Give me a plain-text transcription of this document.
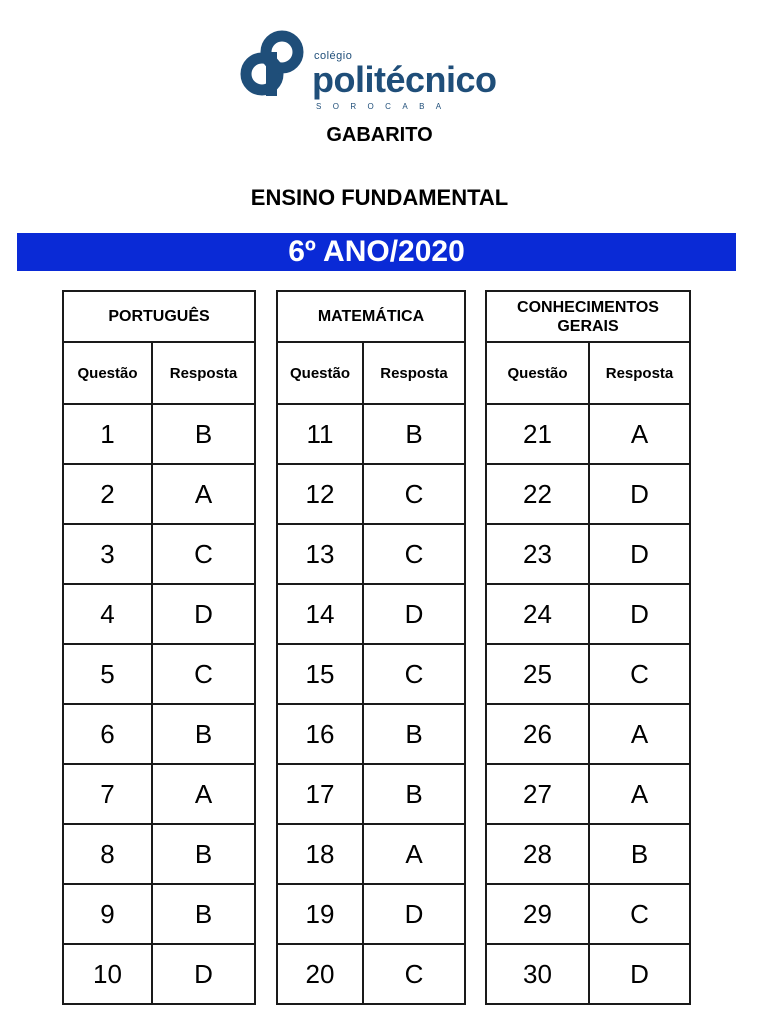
colégio
politécnico
SOROCABA
GABARITO
ENSINO FUNDAMENTAL
6º ANO/2020
PORTUGUÊS	
Questão	Resposta
1	B
2	A
3	C
4	D
5	C
6	B
7	A
8	B
9	B
10	D
MATEMÁTICA	
Questão	Resposta
11	B
12	C
13	C
14	D
15	C
16	B
17	B
18	A
19	D
20	C
CONHECIMENTOS GERAIS	
Questão	Resposta
21	A
22	D
23	D
24	D
25	C
26	A
27	A
28	B
29	C
30	D
